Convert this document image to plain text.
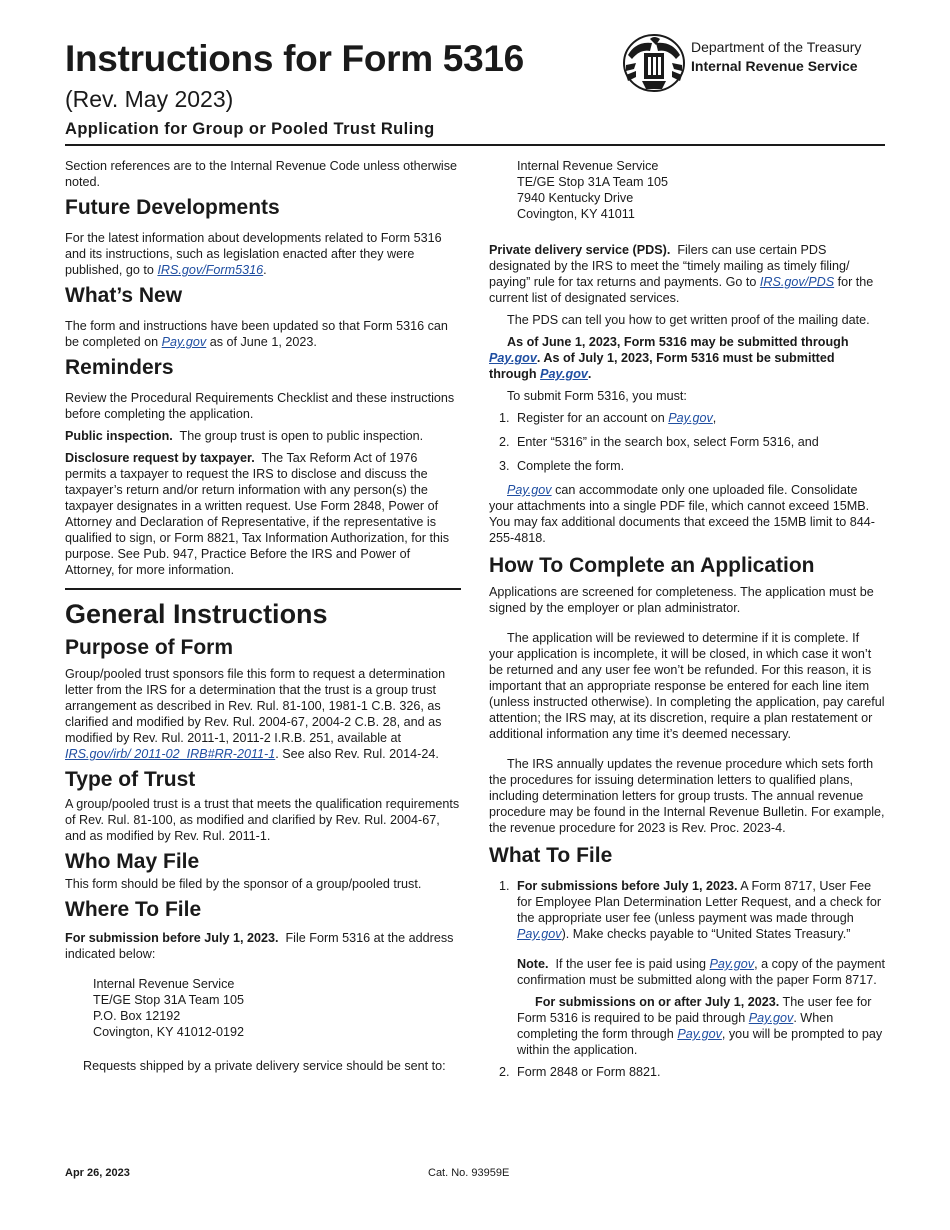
Instructions for Form 5316
(Rev. May 2023)
Application for Group or Pooled Trust Ruling
Department of the Treasury
Internal Revenue Service

Section references are to the Internal Revenue Code unless otherwise noted.

Future Developments

For the latest information about developments related to Form 5316 and its instructions, such as legislation enacted after they were published, go to IRS.gov/Form5316.

What’s New

The form and instructions have been updated so that Form 5316 can be completed on Pay.gov as of June 1, 2023.

Reminders

Review the Procedural Requirements Checklist and these instructions before completing the application.

Public inspection. The group trust is open to public inspection.

Disclosure request by taxpayer. The Tax Reform Act of 1976 permits a taxpayer to request the IRS to disclose and discuss the taxpayer’s return and/or return information with any person(s) the taxpayer designates in a written request. Use Form 2848, Power of Attorney and Declaration of Representative, if the representative is qualified to sign, or Form 8821, Tax Information Authorization, for this purpose. See Pub. 947, Practice Before the IRS and Power of Attorney, for more information.

General Instructions
Purpose of Form

Group/pooled trust sponsors file this form to request a determination letter from the IRS for a determination that the trust is a group trust arrangement as described in Rev. Rul. 81-100, 1981-1 C.B. 326, as clarified and modified by Rev. Rul. 2004-67, 2004-2 C.B. 28, and as modified by Rev. Rul. 2011-1, 2011-2 I.R.B. 251, available at IRS.gov/irb/ 2011-02_IRB#RR-2011-1. See also Rev. Rul. 2014-24.

Type of Trust

A group/pooled trust is a trust that meets the qualification requirements of Rev. Rul. 81-100, as modified and clarified by Rev. Rul. 2004-67, and as modified by Rev. Rul. 2011-1.

Who May File

This form should be filed by the sponsor of a group/pooled trust.

Where To File

For submission before July 1, 2023. File Form 5316 at the address indicated below:

Internal Revenue Service
TE/GE Stop 31A Team 105
P.O. Box 12192
Covington, KY 41012-0192

Requests shipped by a private delivery service should be sent to:

Internal Revenue Service
TE/GE Stop 31A Team 105
7940 Kentucky Drive
Covington, KY 41011

Private delivery service (PDS). Filers can use certain PDS designated by the IRS to meet the “timely mailing as timely filing/ paying” rule for tax returns and payments. Go to IRS.gov/PDS for the current list of designated services.

The PDS can tell you how to get written proof of the mailing date.

As of June 1, 2023, Form 5316 may be submitted through Pay.gov. As of July 1, 2023, Form 5316 must be submitted through Pay.gov.

To submit Form 5316, you must:

1. Register for an account on Pay.gov,
2. Enter “5316” in the search box, select Form 5316, and
3. Complete the form.

Pay.gov can accommodate only one uploaded file. Consolidate your attachments into a single PDF file, which cannot exceed 15MB. You may fax additional documents that exceed the 15MB limit to 844-255-4818.

How To Complete an Application

Applications are screened for completeness. The application must be signed by the employer or plan administrator.

The application will be reviewed to determine if it is complete. If your application is incomplete, it will be closed, in which case it won’t be returned and any user fee won’t be refunded. For this reason, it is important that an appropriate response be entered for each line item (unless instructed otherwise). In completing the application, pay careful attention; the IRS may, at its discretion, require a plan restatement or additional information any time it’s deemed necessary.

The IRS annually updates the revenue procedure which sets forth the procedures for issuing determination letters to qualified plans, including determination letters for group trusts. The annual revenue procedure may be found in the Internal Revenue Bulletin. For example, the revenue procedure for 2023 is Rev. Proc. 2023-4.

What To File
1. For submissions before July 1, 2023. A Form 8717, User Fee for Employee Plan Determination Letter Request, and a check for the appropriate user fee (unless payment was made through Pay.gov). Make checks payable to “United States Treasury.”

Note. If the user fee is paid using Pay.gov, a copy of the payment confirmation must be submitted along with the paper Form 8717.

For submissions on or after July 1, 2023. The user fee for Form 5316 is required to be paid through Pay.gov. When completing the form through Pay.gov, you will be prompted to pay within the application.

2. Form 2848 or Form 8821.
Apr 26, 2023	Cat. No. 93959E
